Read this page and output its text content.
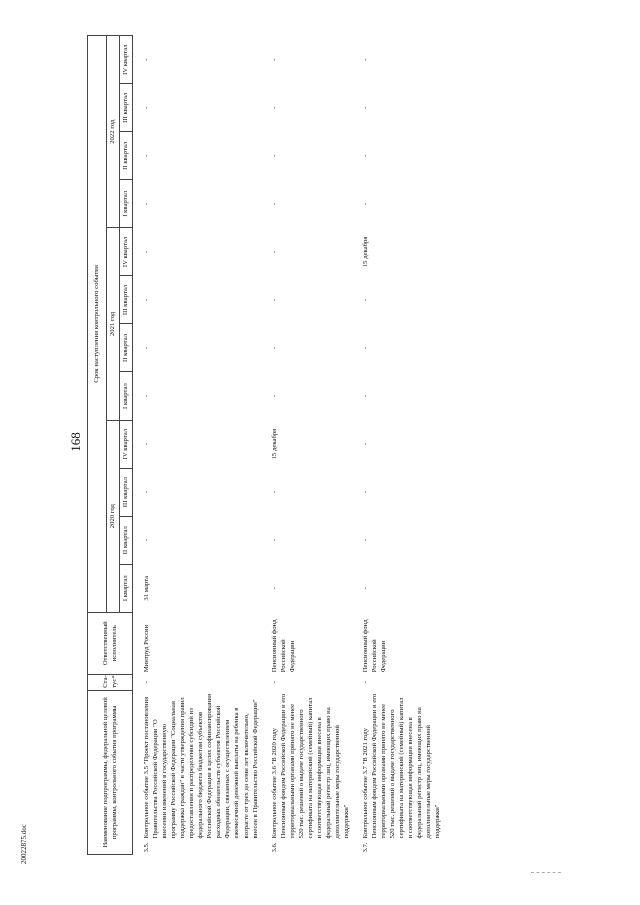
168
20022875.doc	Наименование подпрограммы, федеральной целевой программы, контрольного события программы		Ста-тус*	Ответственный исполнитель	Срок наступления контрольного события											
				2020 год				2021 год				2022 год			
				I квартал	II квартал	III квартал	IV квартал	I квартал	II квартал	III квартал	IV квартал	I квартал	II квартал	III квартал	IV квартал

3.5.	Контрольное событие 3.5 "Проект постановления Правительства Российской Федерации "О внесении изменений в государственную программу Российской Федерации "Социальная поддержка граждан" в части утверждения правил предоставления и распределения субсидий из федерального бюджета бюджетам субъектов Российской Федерации в целях софинансирования расходных обязательств субъектов Российской Федерации, связанных с осуществлением ежемесячной денежной выплаты на ребенка в возрасте от трех до семи лет включительно, внесен в Правительство Российской Федерации"	-	Минтруд России	31 марта	-	-	-	-	-	-	-	-	-	-	-

3.6.	Контрольное событие 3.6 "В 2020 году Пенсионным фондом Российской Федерации и его территориальными органами принято не менее 520 тыс. решений о выдаче государственного сертификата на материнский (семейный) капитал и соответствующая информация внесена в федеральный регистр лиц, имеющих право на дополнительные меры государственной поддержки"	-	Пенсионный фонд Российской Федерации	-	-	-	15 декабря	-	-	-	-	-	-	-	-

3.7.	Контрольное событие 3.7 "В 2021 году Пенсионным фондом Российской Федерации и его территориальными органами принято не менее 520 тыс. решений о выдаче государственного сертификата на материнский (семейный) капитал и соответствующая информация внесена в федеральный регистр лиц, имеющих право на дополнительные меры государственной поддержки"	-	Пенсионный фонд Российской Федерации	-	-	-	-	-	-	-	15 декабря	-	-	-	-
